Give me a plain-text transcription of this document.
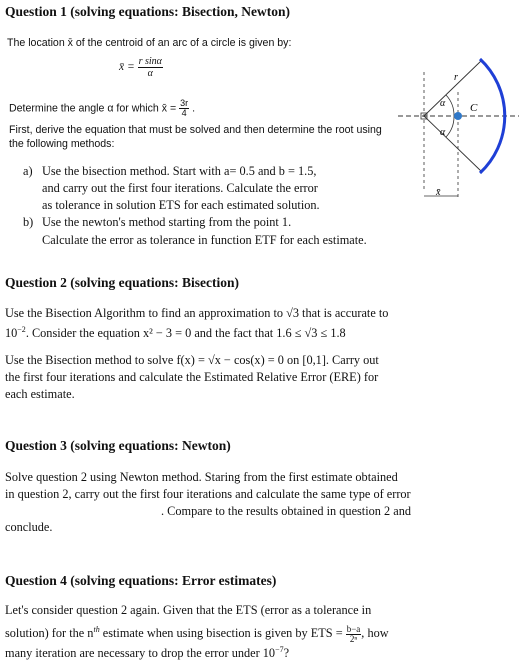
Question 1 (solving equations: Bisection, Newton)
The location x̄ of the centroid of an arc of a circle is given by:
x̄ = $\frac{\text{r sinα}}{\alpha}$
Determine the angle α for which x̄ = $\frac{3r}{4}$ .
First, derive the equation that must be solved and then determine the root using
the following methods:
a) Use the bisection method. Start with a= 0.5 and b = 1.5,
and carry out the first four iterations. Calculate the error
as tolerance in solution ETS for each estimated solution.
b) Use the newton's method starting from the point 1.
Calculate the error as tolerance in function ETF for each estimate.
x̄
r
α
α
C
Question 2 (solving equations: Bisection)
Use the Bisection Algorithm to find an approximation to √3 that is accurate to
$10^{-2}$. Consider the equation x² − 3 = 0 and the fact that 1.6 ≤ √3 ≤ 1.8
Use the Bisection method to solve f(x) = √x − cos(x) = 0 on [0,1]. Carry out
the first four iterations and calculate the Estimated Relative Error (ERE) for
each estimate.
Question 3 (solving equations: Newton)
Solve question 2 using Newton method. Staring from the first estimate obtained
in question 2, carry out the first four iterations and calculate the same type of error
. Compare to the results obtained in question 2 and
conclude.
Question 4 (solving equations: Error estimates)
Let's consider question 2 again. Given that the ETS (error as a tolerance in
solution) for the $n^{th}$ estimate when using bisection is given by ETS = $\frac{b-a}{\text{2ⁿ}}$ , how
many iteration are necessary to drop the error under $10^{-7}$?
